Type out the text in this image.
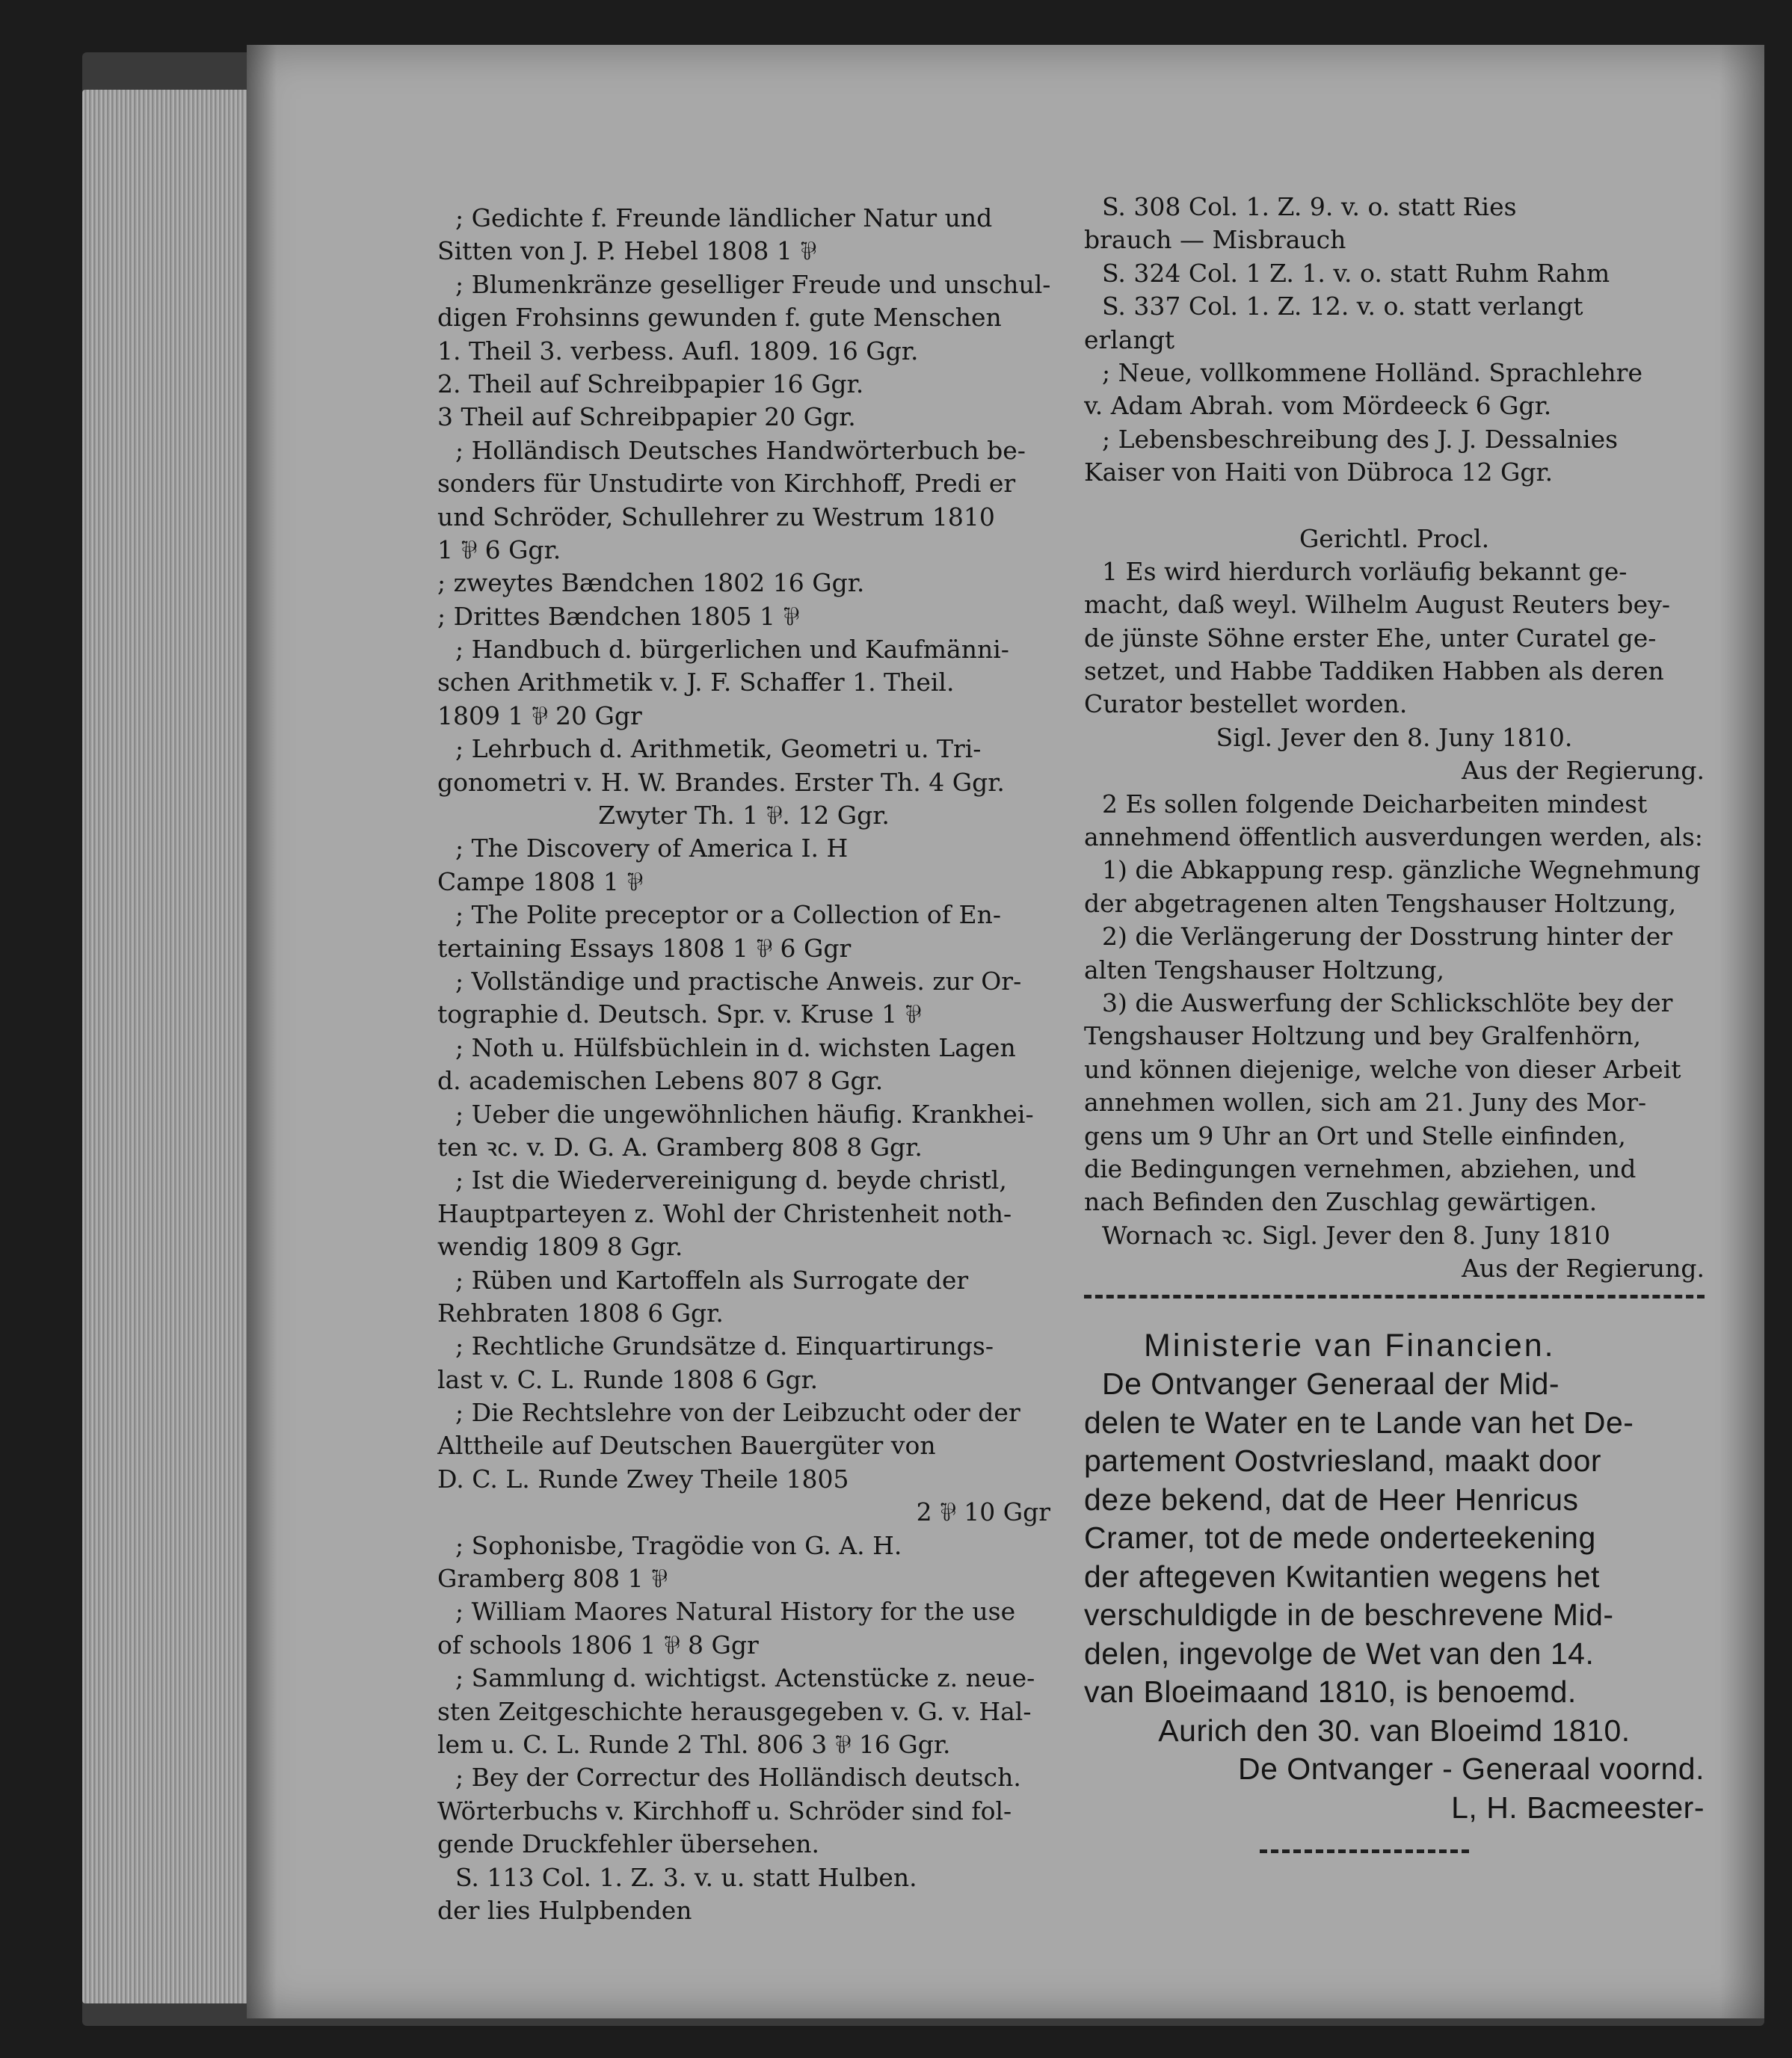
; Gedichte f. Freunde ländlicher Natur und
Sitten von J. P. Hebel 1808 1 ⅌
; Blumenkränze geselliger Freude und unschul-
digen Frohsinns gewunden f. gute Menschen
1. Theil 3. verbess. Aufl. 1809. 16 Ggr.
2. Theil auf Schreibpapier 16 Ggr.
3 Theil auf Schreibpapier 20 Ggr.
; Holländisch Deutsches Handwörterbuch be-
sonders für Unstudirte von Kirchhoff, Predi er
und Schröder, Schullehrer zu Westrum 1810
1 ⅌ 6 Ggr.
; zweytes Bændchen 1802 16 Ggr.
; Drittes Bændchen 1805 1 ⅌
; Handbuch d. bürgerlichen und Kaufmänni-
schen Arithmetik v. J. F. Schaffer 1. Theil.
1809 1 ⅌ 20 Ggr
; Lehrbuch d. Arithmetik, Geometri u. Tri-
gonometri v. H. W. Brandes. Erster Th. 4 Ggr.
Zwyter Th. 1 ⅌. 12 Ggr.
; The Discovery of America I. H
Campe 1808 1 ⅌
; The Polite preceptor or a Collection of En-
tertaining Essays 1808 1 ⅌ 6 Ggr
; Vollständige und practische Anweis. zur Or-
tographie d. Deutsch. Spr. v. Kruse 1 ⅌
; Noth u. Hülfsbüchlein in d. wichsten Lagen
d. academischen Lebens 807 8 Ggr.
; Ueber die ungewöhnlichen häufig. Krankhei-
ten ꝛc. v. D. G. A. Gramberg 808 8 Ggr.
; Ist die Wiedervereinigung d. beyde christl,
Hauptparteyen z. Wohl der Christenheit noth-
wendig 1809 8 Ggr.
; Rüben und Kartoffeln als Surrogate der
Rehbraten 1808 6 Ggr.
; Rechtliche Grundsätze d. Einquartirungs-
last v. C. L. Runde 1808 6 Ggr.
; Die Rechtslehre von der Leibzucht oder der
Alttheile auf Deutschen Bauergüter von
D. C. L. Runde Zwey Theile 1805
2 ⅌ 10 Ggr
; Sophonisbe, Tragödie von G. A. H.
Gramberg 808 1 ⅌
; William Maores Natural History for the use
of schools 1806 1 ⅌ 8 Ggr
; Sammlung d. wichtigst. Actenstücke z. neue-
sten Zeitgeschichte herausgegeben v. G. v. Hal-
lem u. C. L. Runde 2 Thl. 806 3 ⅌ 16 Ggr.
; Bey der Correctur des Holländisch deutsch.
Wörterbuchs v. Kirchhoff u. Schröder sind fol-
gende Druckfehler übersehen.
S. 113 Col. 1. Z. 3. v. u. statt Hulben.
der lies Hulpbenden
S. 308 Col. 1. Z. 9. v. o. statt Ries
brauch — Misbrauch
S. 324 Col. 1 Z. 1. v. o. statt Ruhm Rahm
S. 337 Col. 1. Z. 12. v. o. statt verlangt
erlangt
; Neue, vollkommene Holländ. Sprachlehre
v. Adam Abrah. vom Mördeeck 6 Ggr.
; Lebensbeschreibung des J. J. Dessalnies
Kaiser von Haiti von Dübroca 12 Ggr.
Gerichtl. Procl.
1 Es wird hierdurch vorläufig bekannt ge-
macht, daß weyl. Wilhelm August Reuters bey-
de jünste Söhne erster Ehe, unter Curatel ge-
setzet, und Habbe Taddiken Habben als deren
Curator bestellet worden.
Sigl. Jever den 8. Juny 1810.
Aus der Regierung.
2 Es sollen folgende Deicharbeiten mindest
annehmend öffentlich ausverdungen werden, als:
1) die Abkappung resp. gänzliche Wegnehmung
der abgetragenen alten Tengshauser Holtzung,
2) die Verlängerung der Dosstrung hinter der
alten Tengshauser Holtzung,
3) die Auswerfung der Schlickschlöte bey der
Tengshauser Holtzung und bey Gralfenhörn,
und können diejenige, welche von dieser Arbeit
annehmen wollen, sich am 21. Juny des Mor-
gens um 9 Uhr an Ort und Stelle einfinden,
die Bedingungen vernehmen, abziehen, und
nach Befinden den Zuschlag gewärtigen.
Wornach ꝛc. Sigl. Jever den 8. Juny 1810
Aus der Regierung.
Ministerie van Financien.
De Ontvanger Generaal der Mid-
delen te Water en te Lande van het De-
partement Oostvriesland, maakt door
deze bekend, dat de Heer Henricus
Cramer, tot de mede onderteekening
der aftegeven Kwitantien wegens het
verschuldigde in de beschrevene Mid-
delen, ingevolge de Wet van den 14.
van Bloeimaand 1810, is benoemd.
Aurich den 30. van Bloeimd 1810.
De Ontvanger - Generaal voornd.
L, H. Bacmeester-
